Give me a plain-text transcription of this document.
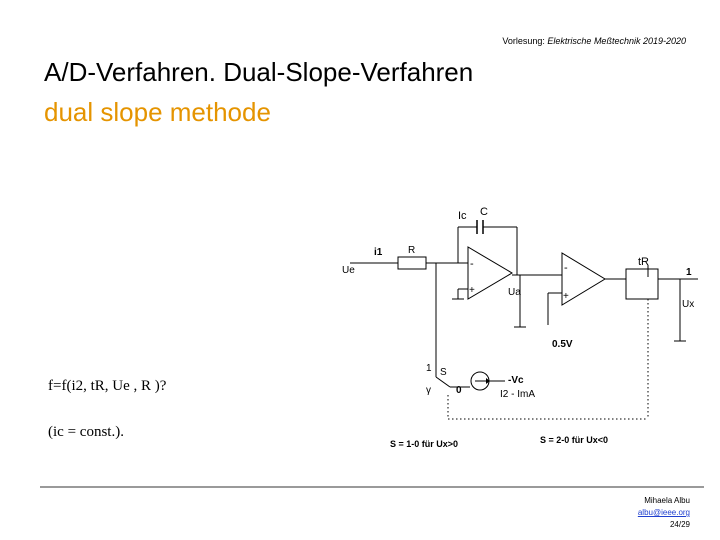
Vorlesung: Elektrische Meßtechnik 2019-2020
A/D-Verfahren. Dual-Slope-Verfahren
dual slope methode
Ic C
i1	R
Ue
Ua
-
+
-
+
tR
1
Ux
0.5V
1 S
γ	0
-Vc
I2 - ImA
S = 1-0 für Ux>0	S = 2-0 für Ux<0
f=f(i2, tR, Ue , R )?
(ic = const.).
Mihaela Albu
albu@ieee.org
24/29
